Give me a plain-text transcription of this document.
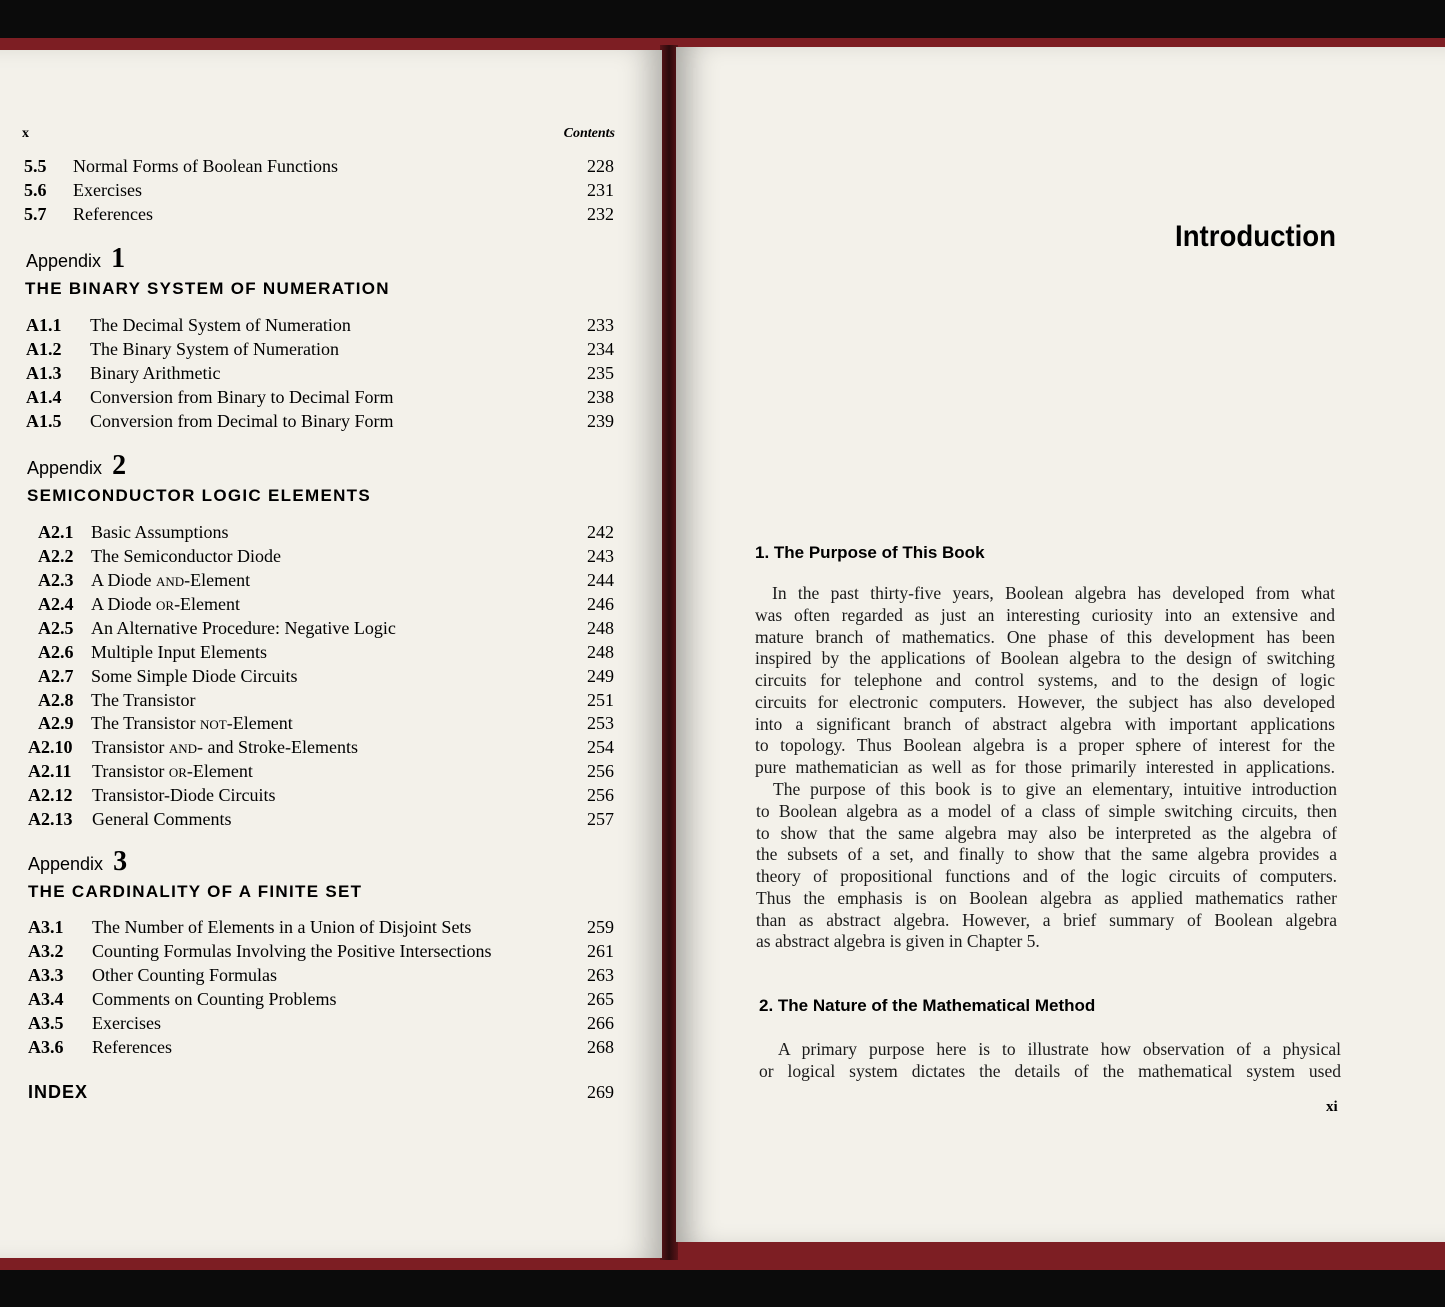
x	Contents
5.5 Normal Forms of Boolean Functions	228
5.6 Exercises	231
5.7 References	232
Appendix 1
THE BINARY SYSTEM OF NUMERATION
A1.1 The Decimal System of Numeration	233
A1.2 The Binary System of Numeration	234
A1.3 Binary Arithmetic	235
A1.4 Conversion from Binary to Decimal Form	238
A1.5 Conversion from Decimal to Binary Form	239
Appendix 2
SEMICONDUCTOR LOGIC ELEMENTS
A2.1 Basic Assumptions	242
A2.2 The Semiconductor Diode	243
A2.3 A Diode and-Element	244
A2.4 A Diode or-Element	246
A2.5 An Alternative Procedure: Negative Logic	248
A2.6 Multiple Input Elements	248
A2.7 Some Simple Diode Circuits	249
A2.8 The Transistor	251
A2.9 The Transistor not-Element	253
A2.10 Transistor and- and Stroke-Elements	254
A2.11 Transistor or-Element	256
A2.12 Transistor-Diode Circuits	256
A2.13 General Comments	257
Appendix 3
THE CARDINALITY OF A FINITE SET
A3.1 The Number of Elements in a Union of Disjoint Sets	259
A3.2 Counting Formulas Involving the Positive Intersections	261
A3.3 Other Counting Formulas	263
A3.4 Comments on Counting Problems	265
A3.5 Exercises	266
A3.6 References	268
INDEX	269
Introduction
1. The Purpose of This Book
In the past thirty-five years, Boolean algebra has developed from what
was often regarded as just an interesting curiosity into an extensive and
mature branch of mathematics. One phase of this development has been
inspired by the applications of Boolean algebra to the design of switching
circuits for telephone and control systems, and to the design of logic
circuits for electronic computers. However, the subject has also developed
into a significant branch of abstract algebra with important applications
to topology. Thus Boolean algebra is a proper sphere of interest for the
pure mathematician as well as for those primarily interested in applications.
The purpose of this book is to give an elementary, intuitive introduction
to Boolean algebra as a model of a class of simple switching circuits, then
to show that the same algebra may also be interpreted as the algebra of
the subsets of a set, and finally to show that the same algebra provides a
theory of propositional functions and of the logic circuits of computers.
Thus the emphasis is on Boolean algebra as applied mathematics rather
than as abstract algebra. However, a brief summary of Boolean algebra
as abstract algebra is given in Chapter 5.
2. The Nature of the Mathematical Method
A primary purpose here is to illustrate how observation of a physical
or logical system dictates the details of the mathematical system used
xi
